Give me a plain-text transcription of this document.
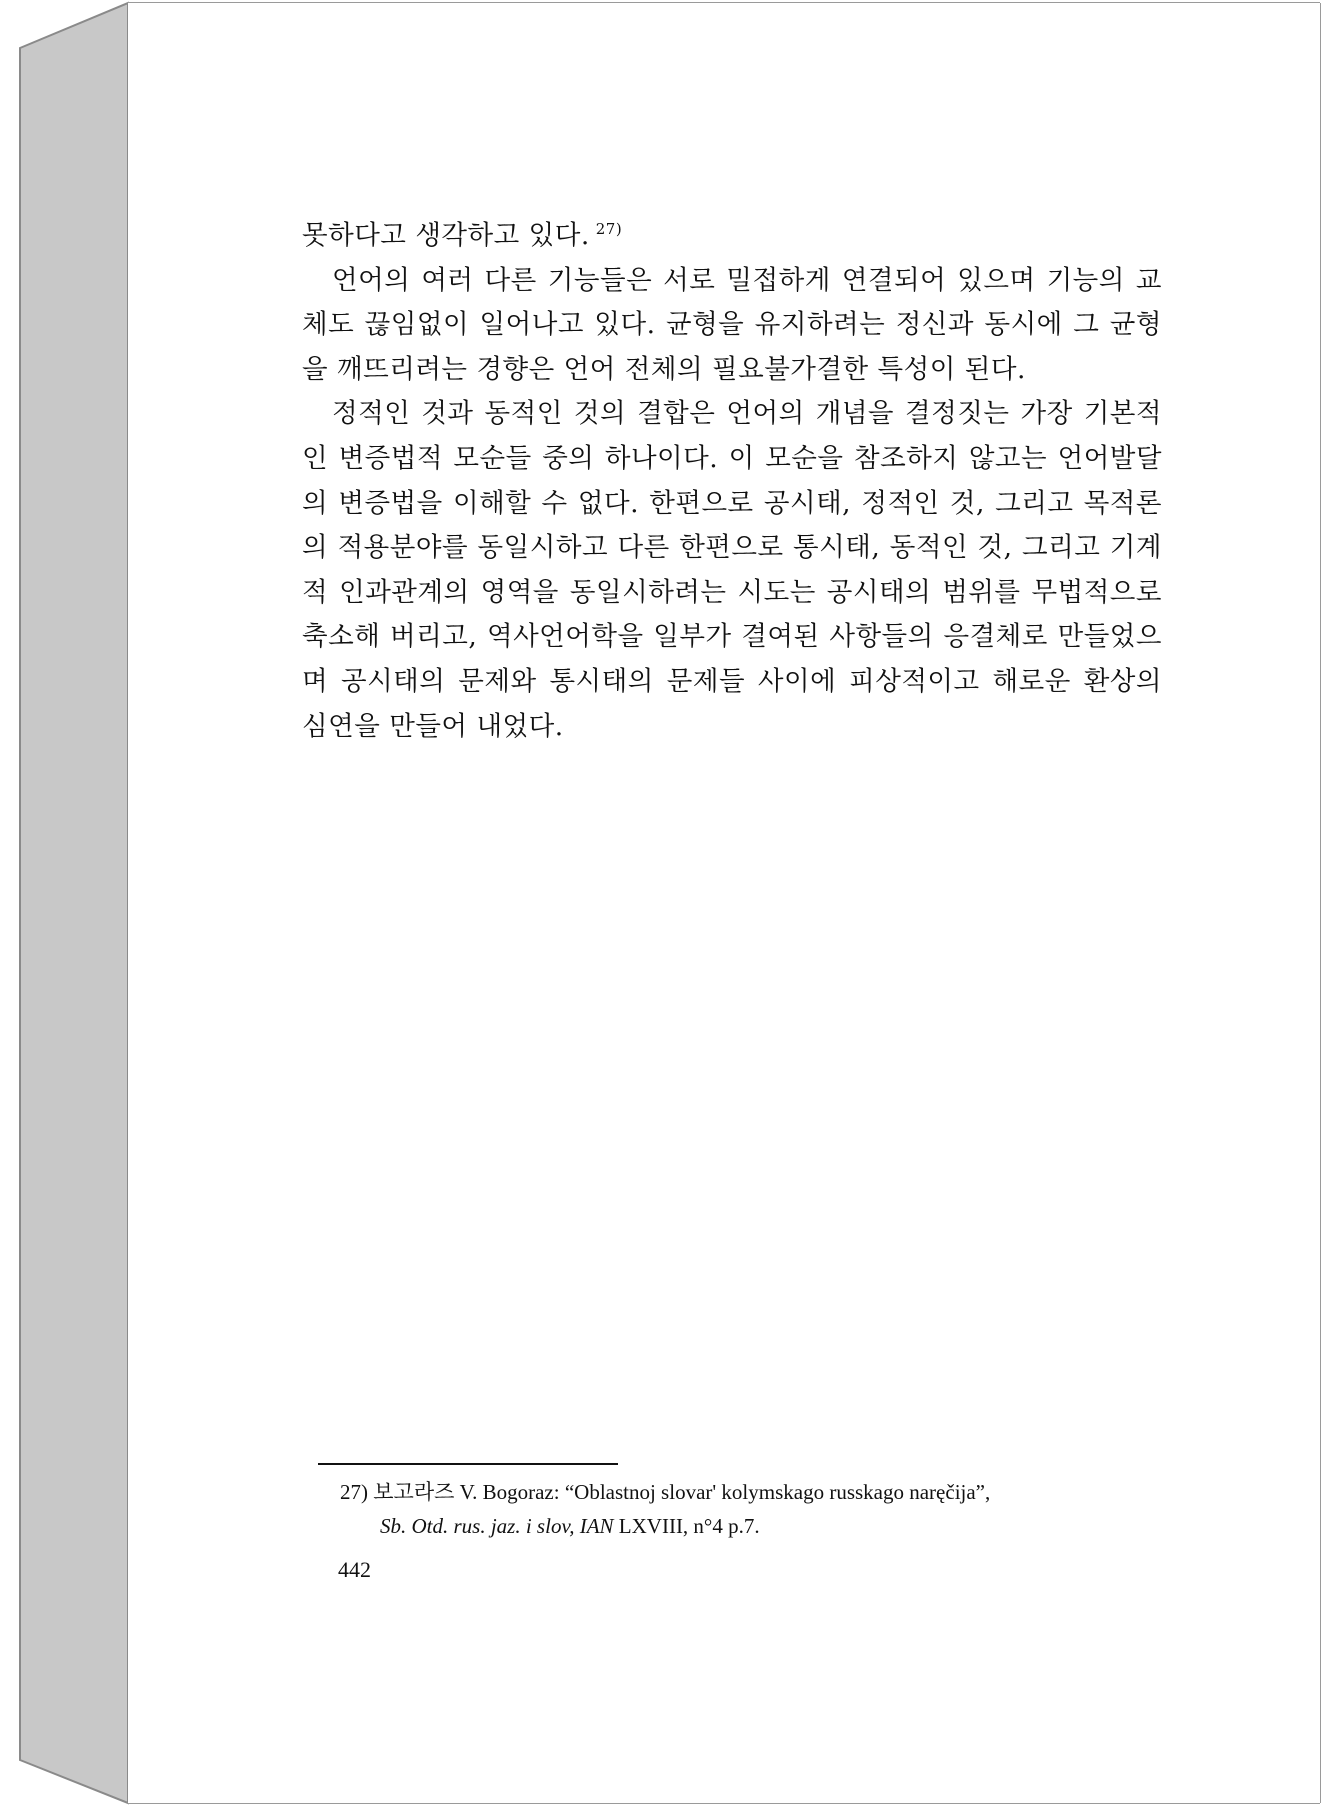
못하다고 생각하고 있다. $^{27)}$

언어의 여러 다른 기능들은 서로 밀접하게 연결되어 있으며 기능의 교체도 끊임없이 일어나고 있다. 균형을 유지하려는 정신과 동시에 그 균형을 깨뜨리려는 경향은 언어 전체의 필요불가결한 특성이 된다.

정적인 것과 동적인 것의 결합은 언어의 개념을 결정짓는 가장 기본적인 변증법적 모순들 중의 하나이다. 이 모순을 참조하지 않고는 언어발달의 변증법을 이해할 수 없다. 한편으로 공시태, 정적인 것, 그리고 목적론의 적용분야를 동일시하고 다른 한편으로 통시태, 동적인 것, 그리고 기계적 인과관계의 영역을 동일시하려는 시도는 공시태의 범위를 무법적으로 축소해 버리고, 역사언어학을 일부가 결여된 사항들의 응결체로 만들었으며 공시태의 문제와 통시태의 문제들 사이에 피상적이고 해로운 환상의 심연을 만들어 내었다.

27) 보고라즈 V. Bogoraz: “Oblastnoj slovar' kolymskago russkago naręčija”,
Sb. Otd. rus. jaz. i slov, IAN LXVIII, n°4 p.7.
442
